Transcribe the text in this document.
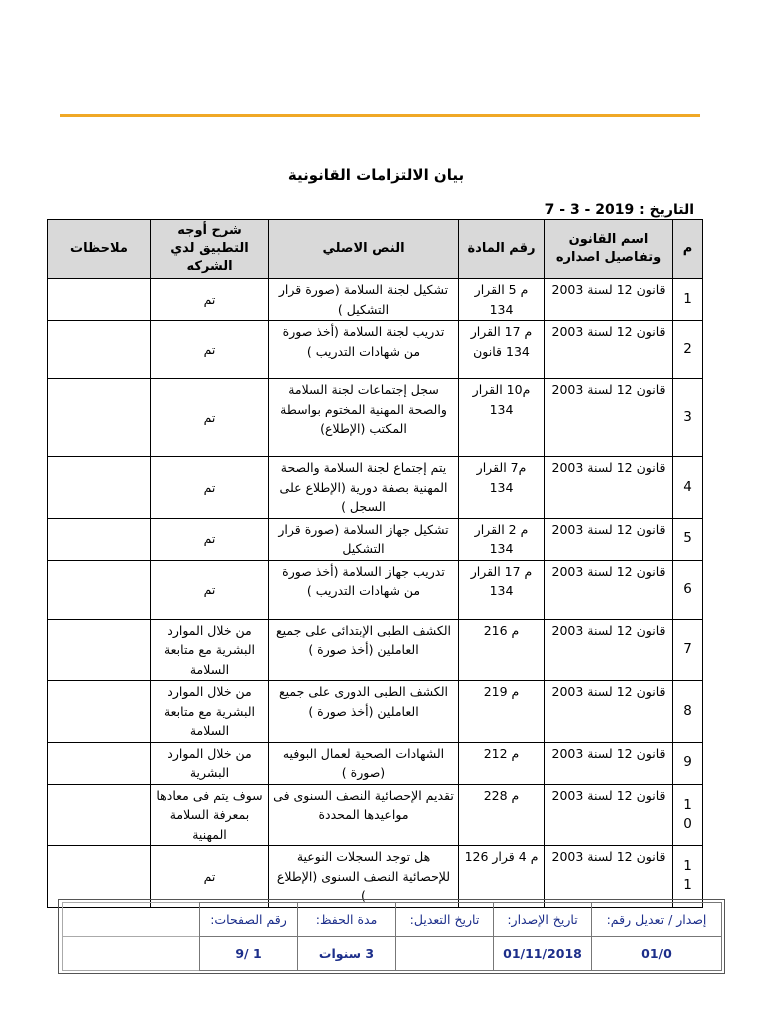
بيان الالتزامات القانونية
التاريخ : 7 - 3 - 2019
م	اسم القانون وتفاصيل اصداره	رقم المادة	النص الاصلي	شرح أوجه التطبيق لدي الشركه	ملاحظات
1	قانون 12 لسنة 2003	م 5 القرار 134	تشكيل لجنة السلامة (صورة قرار التشكيل )	تم	
2	قانون 12 لسنة 2003	م 17 القرار 134 قانون	تدريب لجنة السلامة (أخذ صورة من شهادات التدريب )	تم	
3	قانون 12 لسنة 2003	م10 القرار 134	سجل إجتماعات لجنة السلامة والصحة المهنية المختوم بواسطة المكتب (الإطلاع)	تم	
4	قانون 12 لسنة 2003	م7 القرار 134	يتم إجتماع لجنة السلامة والصحة المهنية بصفة دورية (الإطلاع على السجل )	تم	
5	قانون 12 لسنة 2003	م 2 القرار 134	تشكيل جهاز السلامة (صورة قرار التشكيل	تم	
6	قانون 12 لسنة 2003	م 17 القرار 134	تدريب جهاز السلامة (أخذ صورة من شهادات التدريب )	تم	
7	قانون 12 لسنة 2003	م 216	الكشف الطبى الإبتدائى على جميع العاملين (أخذ صورة )	من خلال الموارد البشرية مع متابعة السلامة	
8	قانون 12 لسنة 2003	م 219	الكشف الطبى الدورى على جميع العاملين (أخذ صورة )	من خلال الموارد البشرية مع متابعة السلامة	
9	قانون 12 لسنة 2003	م 212	الشهادات الصحية لعمال البوفيه (صورة )	من خلال الموارد البشرية	
10	قانون 12 لسنة 2003	م 228	تقديم الإحصائية النصف السنوى فى مواعيدها المحددة	سوف يتم فى معادها بمعرفة السلامة المهنية	
11	قانون 12 لسنة 2003	م 4 قرار 126	هل توجد السجلات النوعية للإحصائية النصف السنوى (الإطلاع )	تم	
إصدار / تعديل رقم:	تاريخ الإصدار:	تاريخ التعديل:	مدة الحفظ:	رقم الصفحات:	
01/0	01/11/2018		3 سنوات	1 /9	
